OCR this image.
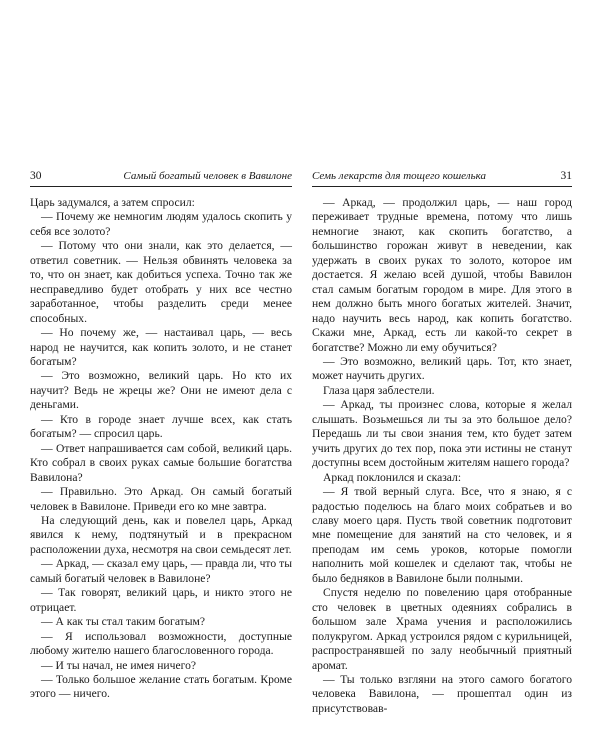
30	Самый богатый человек в Вавилоне

Царь задумался, а затем спросил:

— Почему же немногим людям удалось скопить у себя все золото?

— Потому что они знали, как это делается, — ответил советник. — Нельзя обвинять человека за то, что он знает, как добиться успеха. Точно так же несправедливо будет отобрать у них все честно заработанное, чтобы разделить среди менее способных.

— Но почему же, — настаивал царь, — весь народ не научится, как копить золото, и не станет богатым?

— Это возможно, великий царь. Но кто их научит? Ведь не жрецы же? Они не имеют дела с деньгами.

— Кто в городе знает лучше всех, как стать богатым? — спросил царь.

— Ответ напрашивается сам собой, великий царь. Кто собрал в своих руках самые большие богатства Вавилона?

— Правильно. Это Аркад. Он самый богатый человек в Вавилоне. Приведи его ко мне завтра.

На следующий день, как и повелел царь, Аркад явился к нему, подтянутый и в прекрасном расположении духа, несмотря на свои семьдесят лет.

— Аркад, — сказал ему царь, — правда ли, что ты самый богатый человек в Вавилоне?

— Так говорят, великий царь, и никто этого не отрицает.

— А как ты стал таким богатым?

— Я использовал возможности, доступные любому жителю нашего благословенного города.

— И ты начал, не имея ничего?

— Только большое желание стать богатым. Кроме этого — ничего.

Семь лекарств для тощего кошелька	31

— Аркад, — продолжил царь, — наш город переживает трудные времена, потому что лишь немногие знают, как скопить богатство, а большинство горожан живут в неведении, как удержать в своих руках то золото, которое им достается. Я желаю всей душой, чтобы Вавилон стал самым богатым городом в мире. Для этого в нем должно быть много богатых жителей. Значит, надо научить весь народ, как копить богатство. Скажи мне, Аркад, есть ли какой-то секрет в богатстве? Можно ли ему обучиться?

— Это возможно, великий царь. Тот, кто знает, может научить других.

Глаза царя заблестели.

— Аркад, ты произнес слова, которые я желал слышать. Возьмешься ли ты за это большое дело? Передашь ли ты свои знания тем, кто будет затем учить других до тех пор, пока эти истины не станут доступны всем достойным жителям нашего города?

Аркад поклонился и сказал:

— Я твой верный слуга. Все, что я знаю, я с радостью поделюсь на благо моих собратьев и во славу моего царя. Пусть твой советник подготовит мне помещение для занятий на сто человек, и я преподам им семь уроков, которые помогли наполнить мой кошелек и сделают так, чтобы не было бедняков в Вавилоне были полными.

Спустя неделю по повелению царя отобранные сто человек в цветных одеяниях собрались в большом зале Храма учения и расположились полукругом. Аркад устроился рядом с курильницей, распространявшей по залу необычный приятный аромат.

— Ты только взгляни на этого самого богатого человека Вавилона, — прошептал один из присутствовав-
